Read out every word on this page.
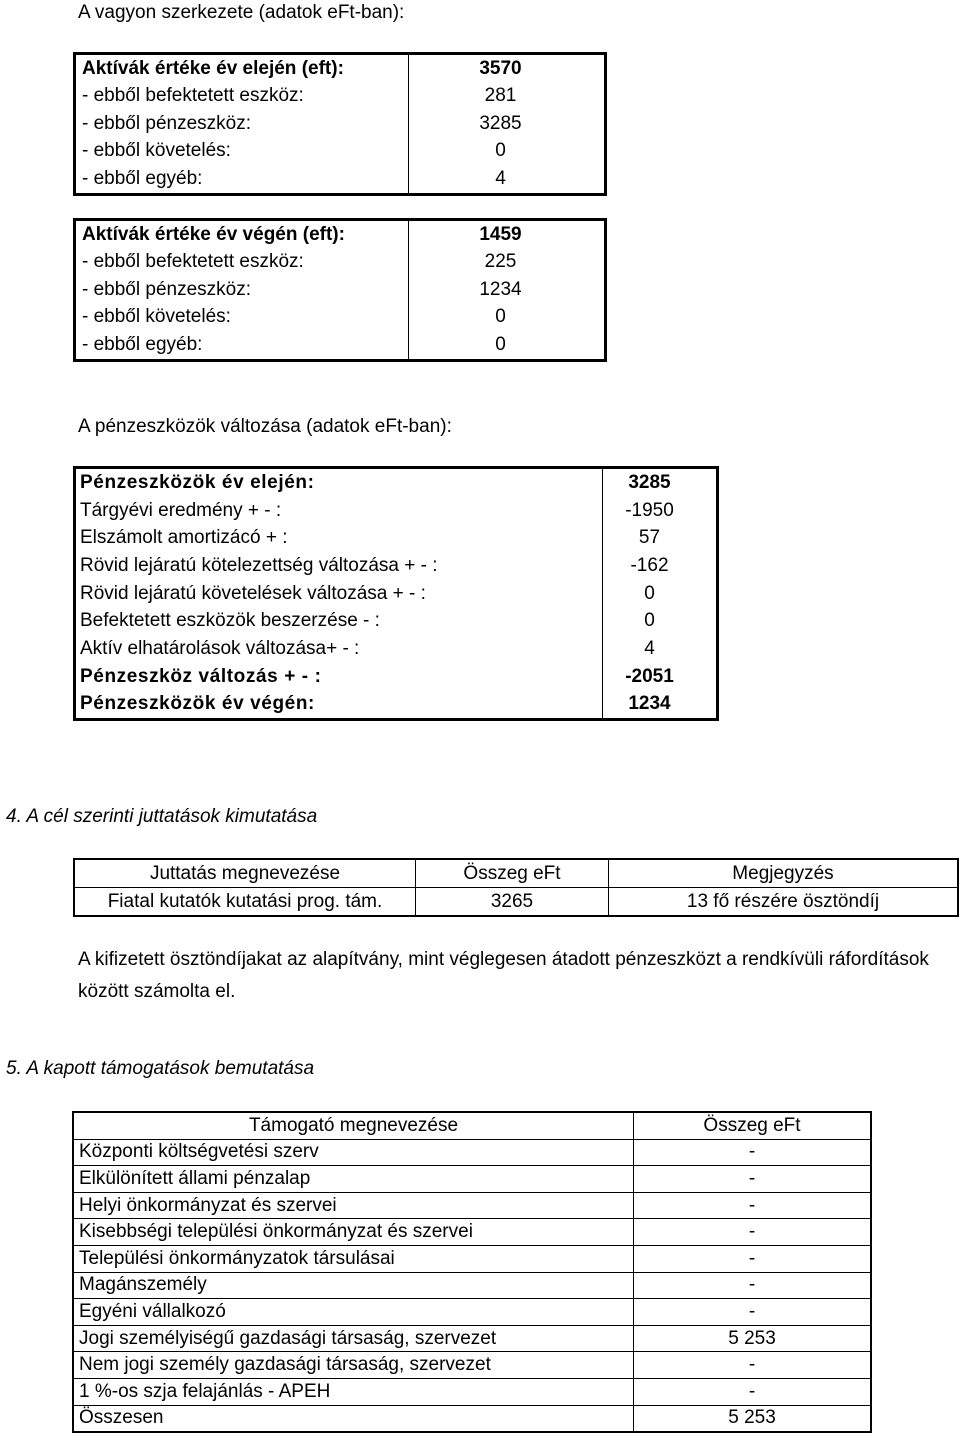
A vagyon szerkezete (adatok eFt-ban):
Aktívák értéke év elején (eft):	3570
- ebből befektetett eszköz:	281
- ebből pénzeszköz:	3285
- ebből követelés:	0
- ebből egyéb:	4
Aktívák értéke év végén (eft):	1459
- ebből befektetett eszköz:	225
- ebből pénzeszköz:	1234
- ebből követelés:	0
- ebből egyéb:	0
A pénzeszközök változása (adatok eFt-ban):
Pénzeszközök év elején:	3285
Tárgyévi eredmény + - :	-1950
Elszámolt amortizácó + :	57
Rövid lejáratú kötelezettség változása + - :	-162
Rövid lejáratú követelések változása + - :	0
Befektetett eszközök beszerzése - :	0
Aktív elhatárolások változása+ - :	4
Pénzeszköz változás + - :	-2051
Pénzeszközök év végén:	1234
4. A cél szerinti juttatások kimutatása
Juttatás megnevezése	Összeg eFt	Megjegyzés
Fiatal kutatók kutatási prog. tám.	3265	13 fő részére ösztöndíj
A kifizetett ösztöndíjakat az alapítvány, mint véglegesen átadott pénzeszközt a rendkívüli ráfordítások között számolta el.
5. A kapott támogatások bemutatása
Támogató megnevezése	Összeg eFt
Központi költségvetési szerv	-
Elkülönített állami pénzalap	-
Helyi önkormányzat és szervei	-
Kisebbségi települési önkormányzat és szervei	-
Települési önkormányzatok társulásai	-
Magánszemély	-
Egyéni vállalkozó	-
Jogi személyiségű gazdasági társaság, szervezet	5 253
Nem jogi személy gazdasági társaság, szervezet	-
1 %-os szja felajánlás - APEH	-
Összesen	5 253
